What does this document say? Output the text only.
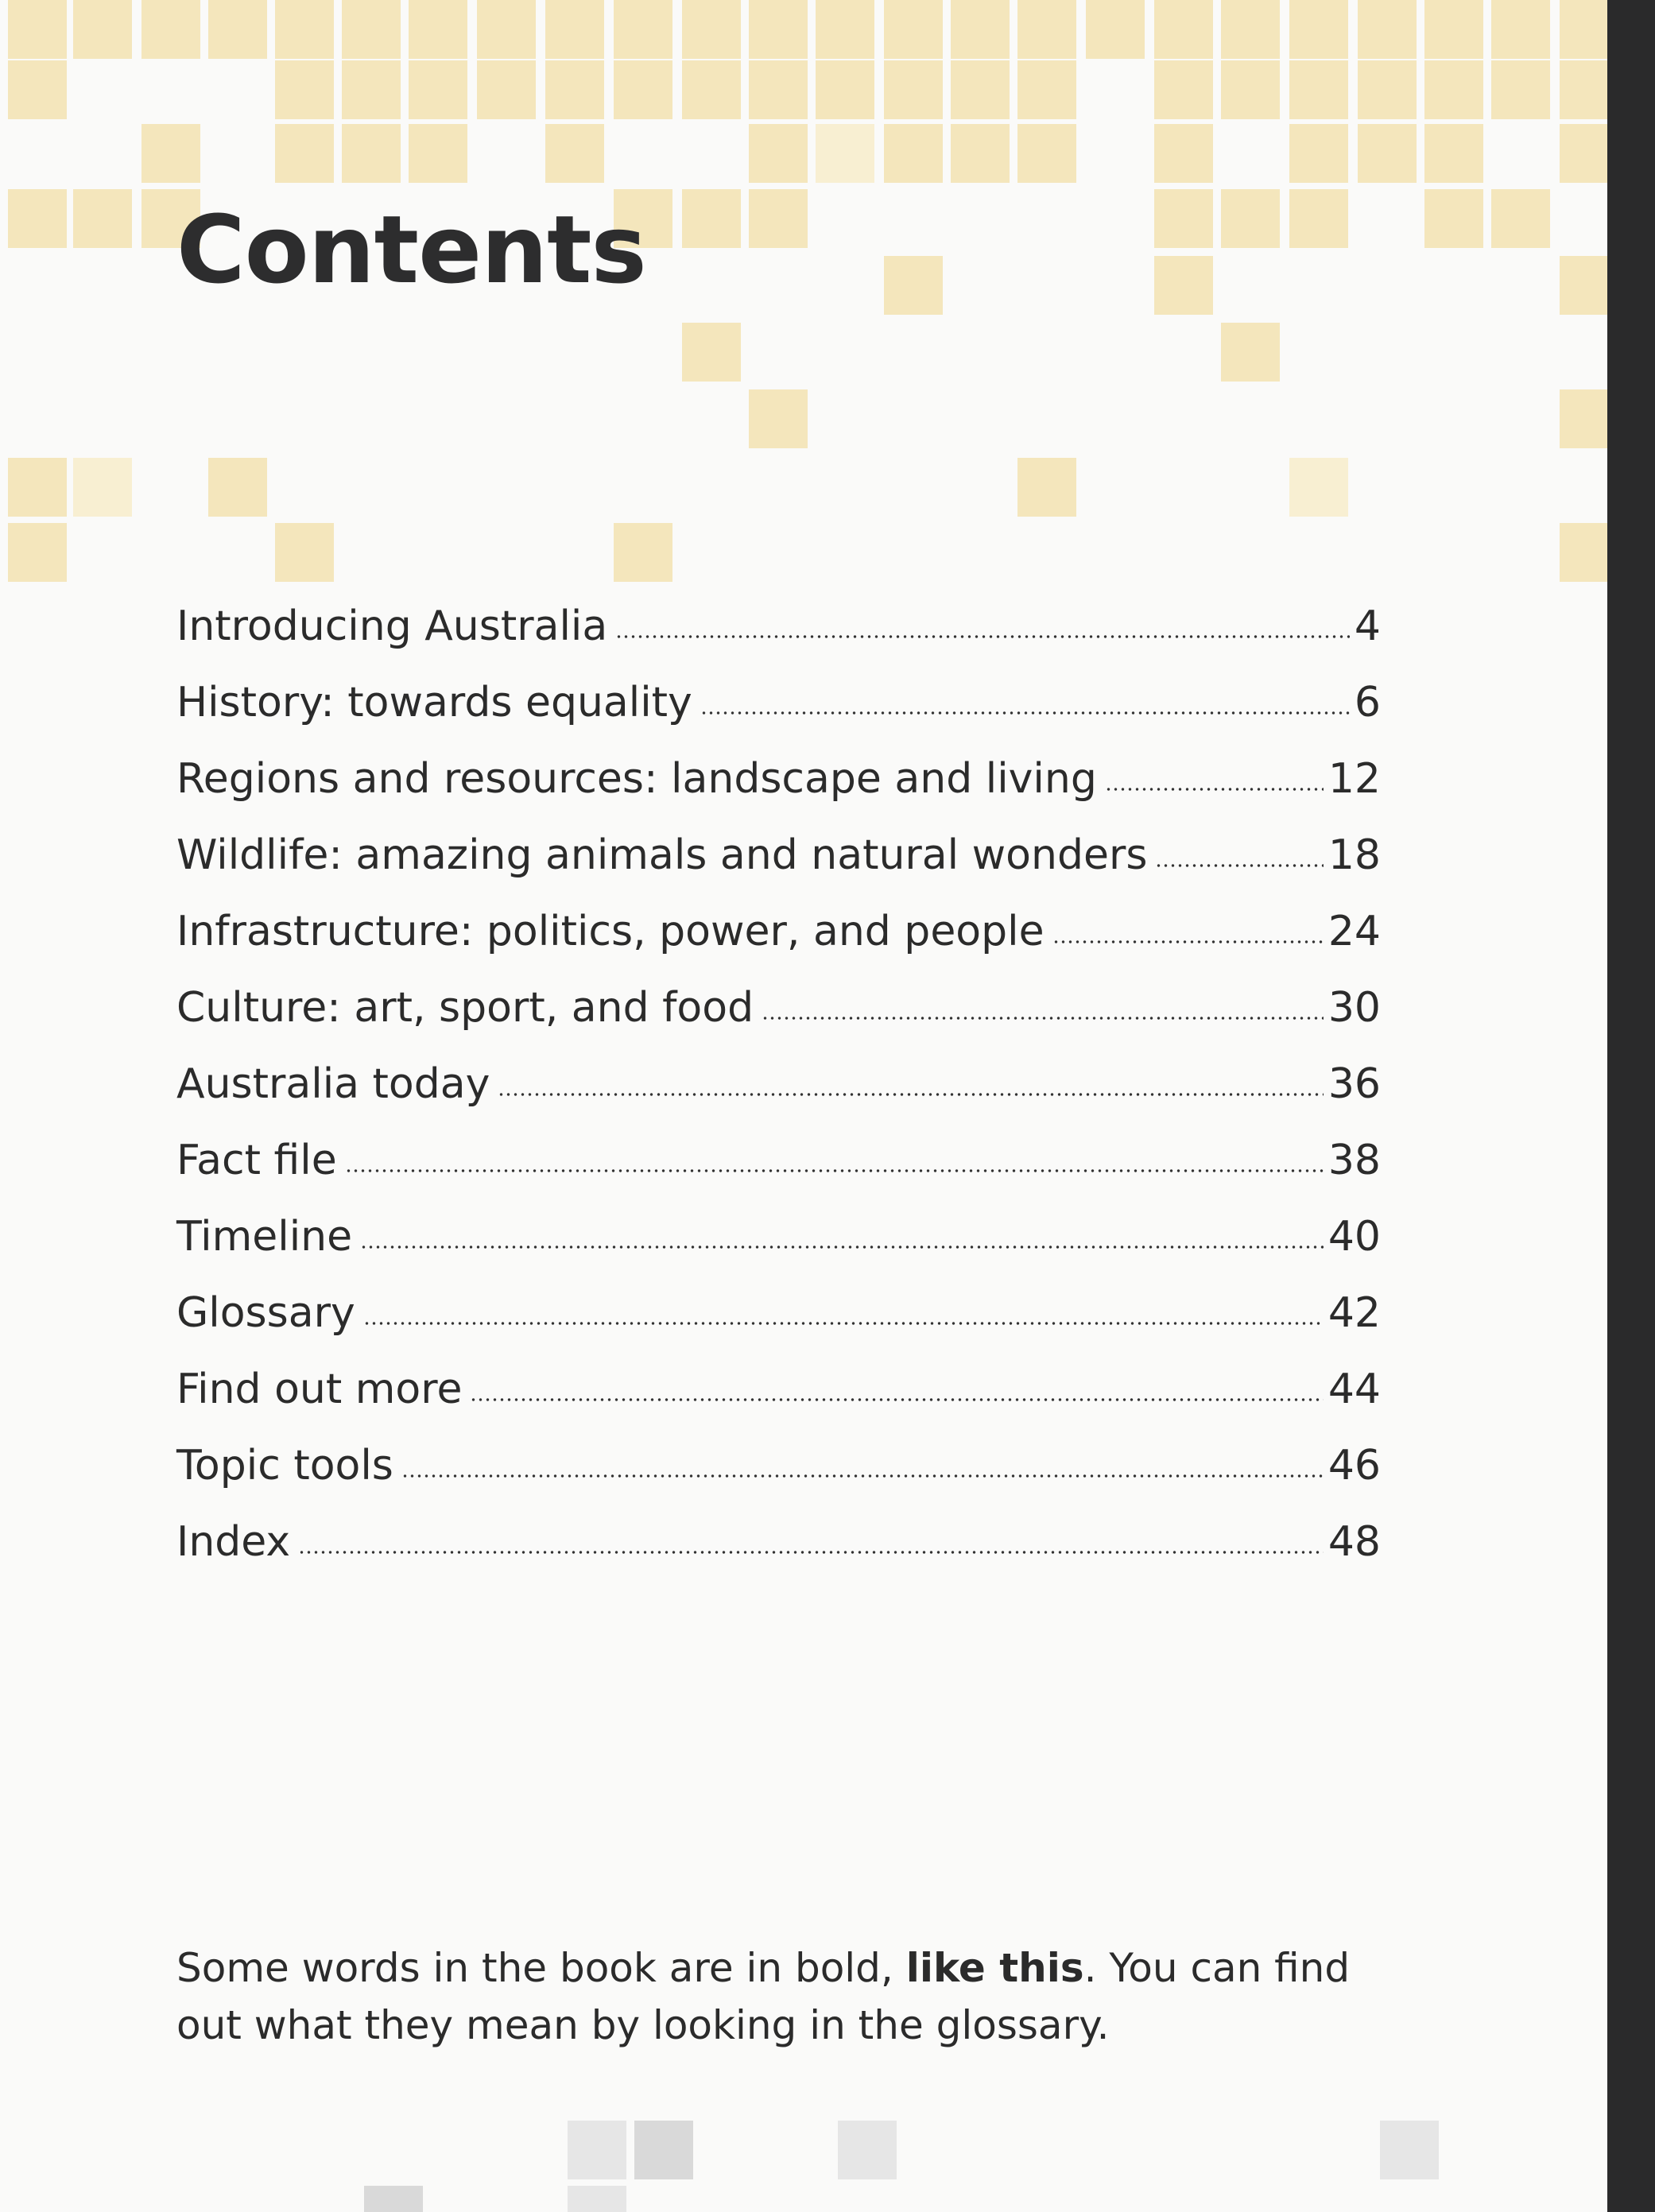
Contents
Introducing Australia	4
History: towards equality	6
Regions and resources: landscape and living	12
Wildlife: amazing animals and natural wonders	18
Infrastructure: politics, power, and people	24
Culture: art, sport, and food	30
Australia today	36
Fact file	38
Timeline	40
Glossary	42
Find out more	44
Topic tools	46
Index	48

Some words in the book are in bold, like this. You can find out what they mean by looking in the glossary.
